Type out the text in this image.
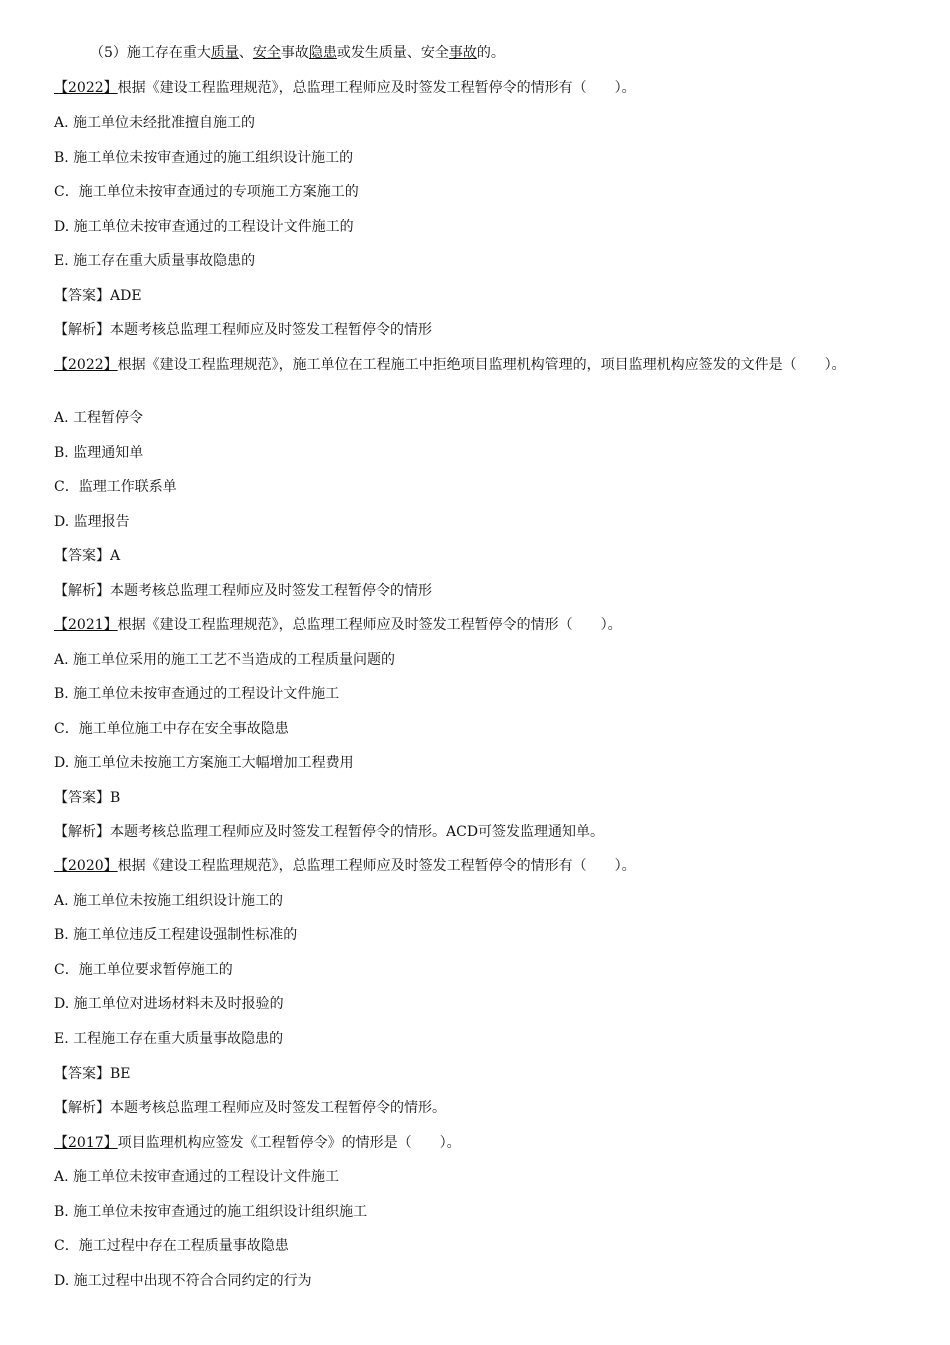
（5）施工存在重大质量、安全事故隐患或发生质量、安全事故的。
【2022】根据《建设工程监理规范》，总监理工程师应及时签发工程暂停令的情形有（　　）。
A. 施工单位未经批准擅自施工的
B. 施工单位未按审查通过的施工组织设计施工的
C．施工单位未按审查通过的专项施工方案施工的
D. 施工单位未按审查通过的工程设计文件施工的
E. 施工存在重大质量事故隐患的
【答案】ADE
【解析】本题考核总监理工程师应及时签发工程暂停令的情形
【2022】根据《建设工程监理规范》，施工单位在工程施工中拒绝项目监理机构管理的，项目监理机构应签发的文件是（　　）。
A. 工程暂停令
B. 监理通知单
C．监理工作联系单
D. 监理报告
【答案】A
【解析】本题考核总监理工程师应及时签发工程暂停令的情形
【2021】根据《建设工程监理规范》，总监理工程师应及时签发工程暂停令的情形（　　）。
A. 施工单位采用的施工工艺不当造成的工程质量问题的
B. 施工单位未按审查通过的工程设计文件施工
C．施工单位施工中存在安全事故隐患
D. 施工单位未按施工方案施工大幅增加工程费用
【答案】B
【解析】本题考核总监理工程师应及时签发工程暂停令的情形。ACD可签发监理通知单。
【2020】根据《建设工程监理规范》，总监理工程师应及时签发工程暂停令的情形有（　　）。
A. 施工单位未按施工组织设计施工的
B. 施工单位违反工程建设强制性标准的
C．施工单位要求暂停施工的
D. 施工单位对进场材料未及时报验的
E. 工程施工存在重大质量事故隐患的
【答案】BE
【解析】本题考核总监理工程师应及时签发工程暂停令的情形。
【2017】项目监理机构应签发《工程暂停令》的情形是（　　）。
A. 施工单位未按审查通过的工程设计文件施工
B. 施工单位未按审查通过的施工组织设计组织施工
C．施工过程中存在工程质量事故隐患
D. 施工过程中出现不符合合同约定的行为
